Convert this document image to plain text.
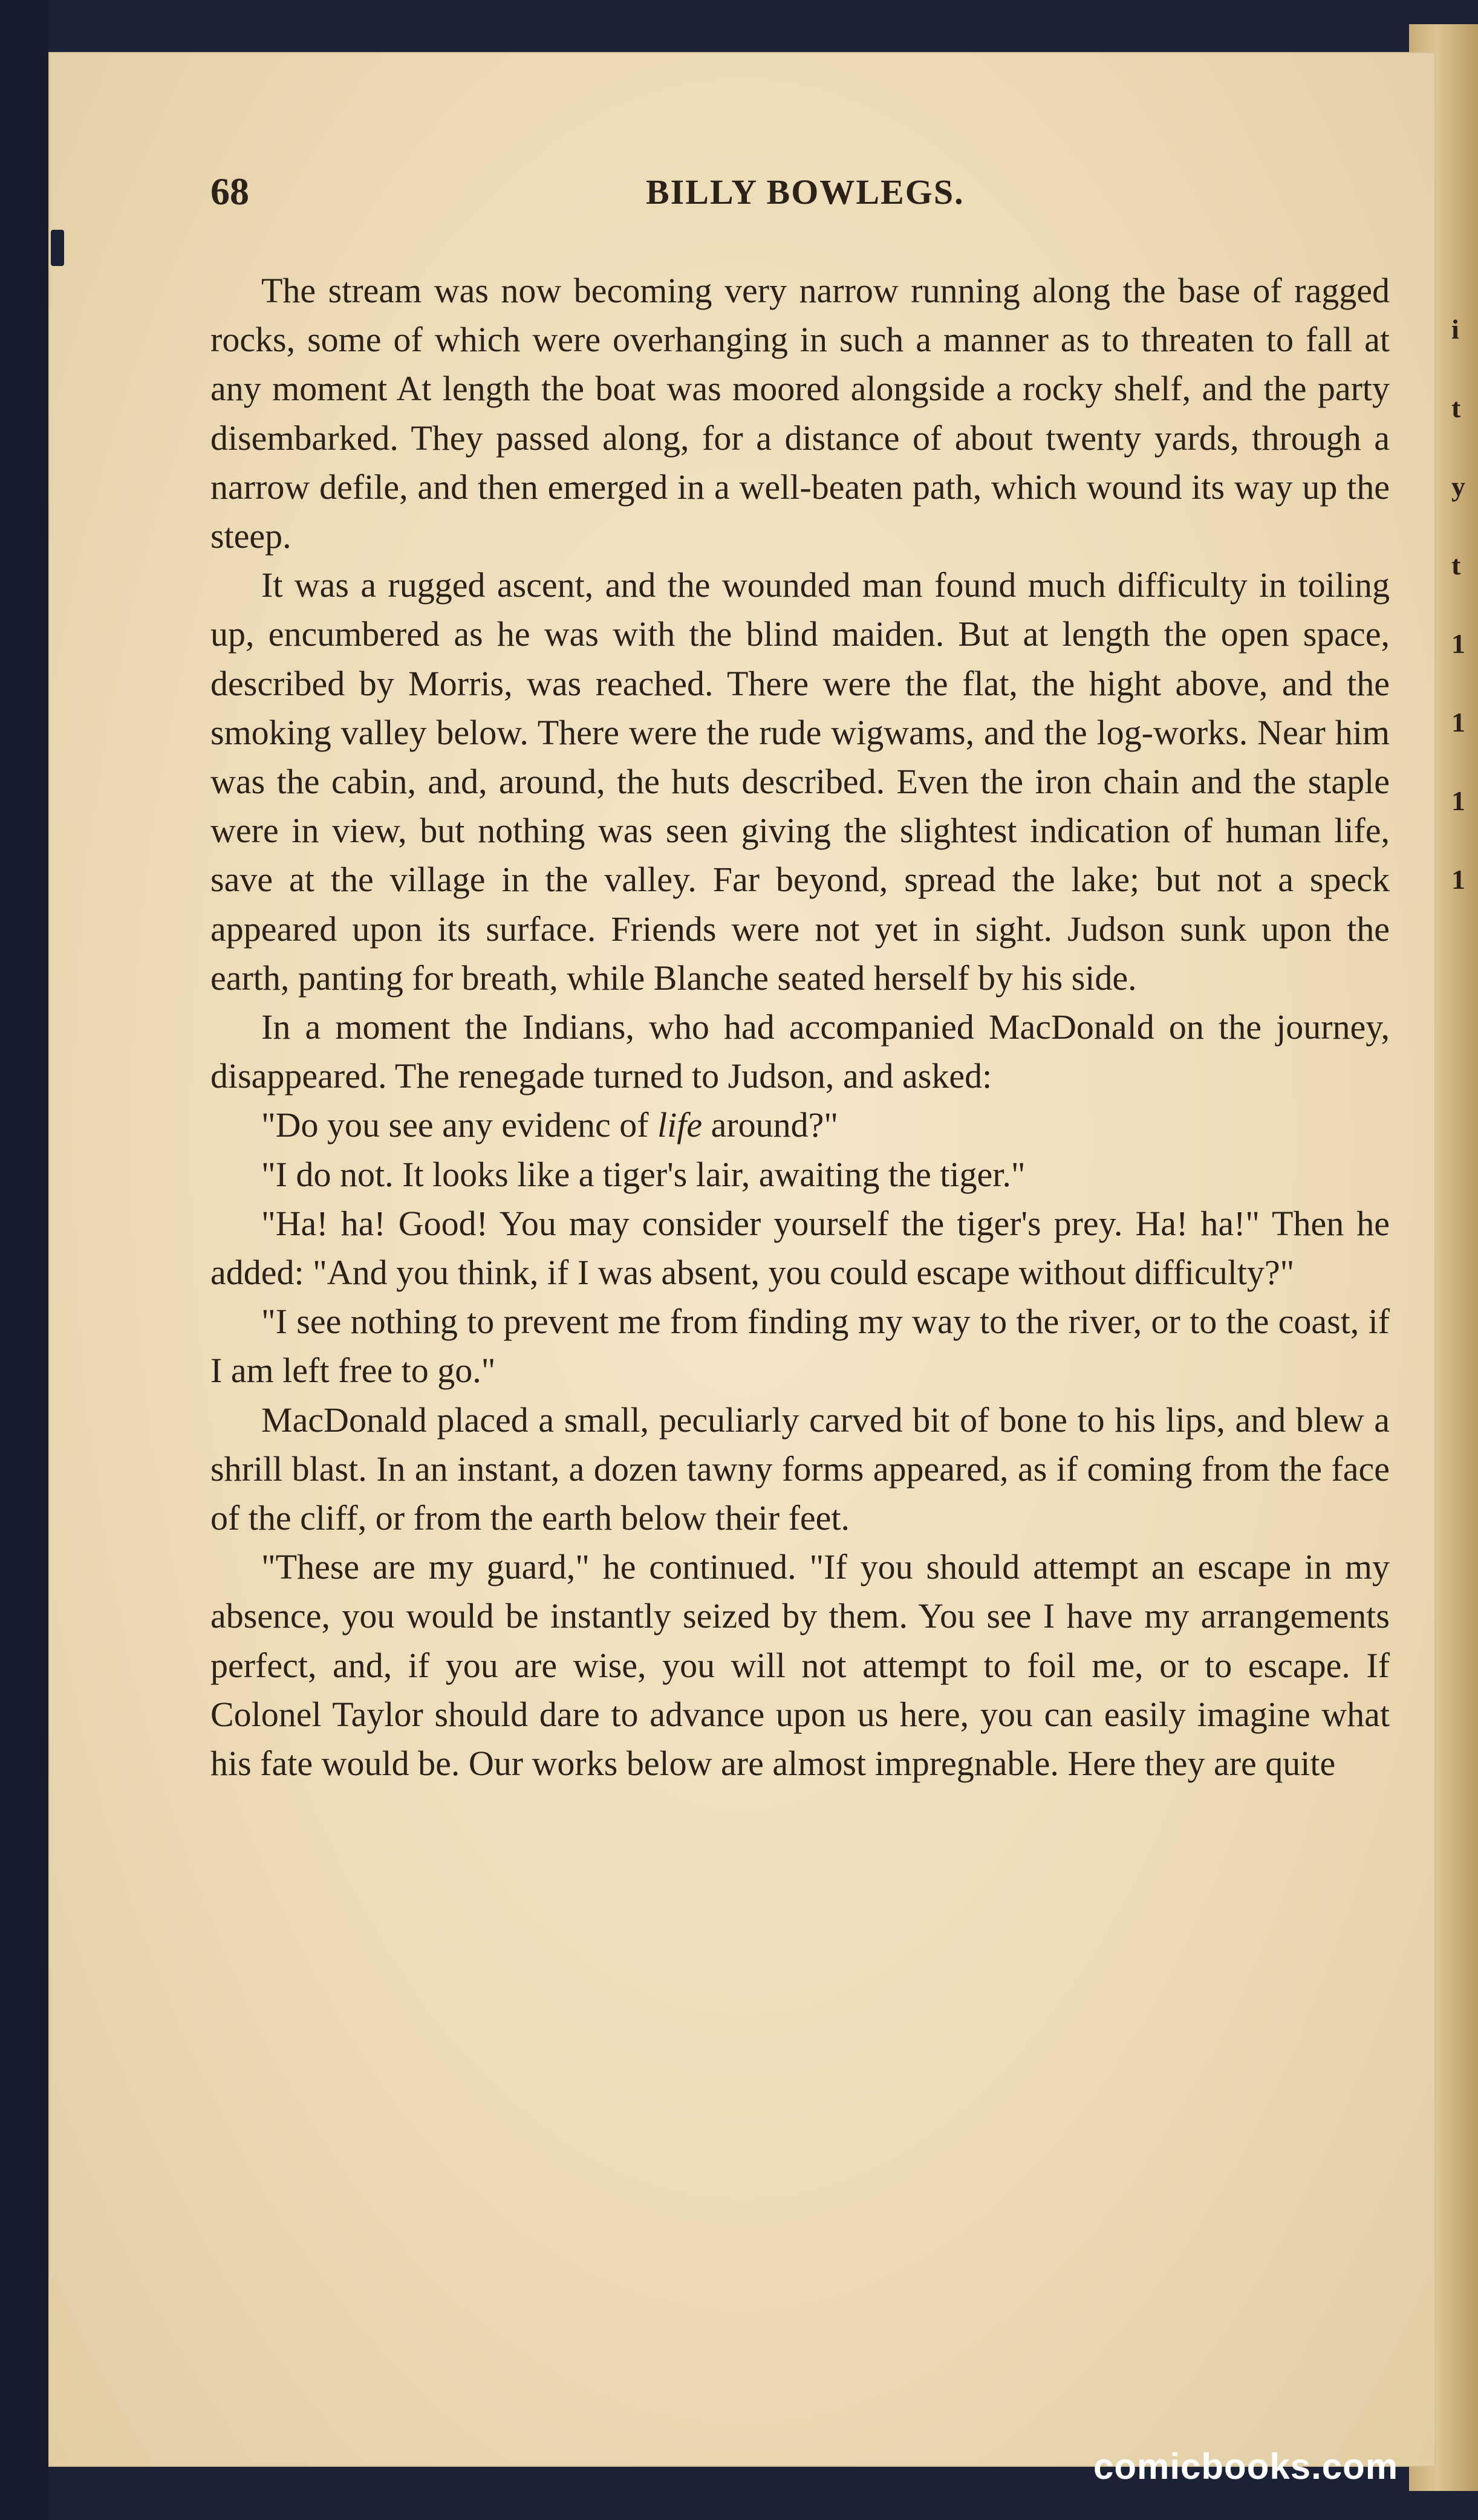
i
t
y
t
1
1
1
1
68	BILLY BOWLEGS.

The stream was now becoming very narrow running along the base of ragged rocks, some of which were overhanging in such a manner as to threaten to fall at any moment At length the boat was moored alongside a rocky shelf, and the party disembarked. They passed along, for a distance of about twenty yards, through a narrow defile, and then emerged in a well-beaten path, which wound its way up the steep.

It was a rugged ascent, and the wounded man found much difficulty in toiling up, encumbered as he was with the blind maiden. But at length the open space, described by Morris, was reached. There were the flat, the hight above, and the smoking valley below. There were the rude wigwams, and the log-works. Near him was the cabin, and, around, the huts described. Even the iron chain and the staple were in view, but nothing was seen giving the slightest indication of human life, save at the village in the valley. Far beyond, spread the lake; but not a speck appeared upon its surface. Friends were not yet in sight. Judson sunk upon the earth, panting for breath, while Blanche seated herself by his side.

In a moment the Indians, who had accompanied MacDonald on the journey, disappeared. The renegade turned to Judson, and asked:

"Do you see any evidenc of life around?"

"I do not. It looks like a tiger's lair, awaiting the tiger."

"Ha! ha! Good! You may consider yourself the tiger's prey. Ha! ha!" Then he added: "And you think, if I was absent, you could escape without difficulty?"

"I see nothing to prevent me from finding my way to the river, or to the coast, if I am left free to go."

MacDonald placed a small, peculiarly carved bit of bone to his lips, and blew a shrill blast. In an instant, a dozen tawny forms appeared, as if coming from the face of the cliff, or from the earth below their feet.

"These are my guard," he continued. "If you should attempt an escape in my absence, you would be instantly seized by them. You see I have my arrangements perfect, and, if you are wise, you will not attempt to foil me, or to escape. If Colonel Taylor should dare to advance upon us here, you can easily imagine what his fate would be. Our works below are almost impregnable. Here they are quite

comicbooks.com
